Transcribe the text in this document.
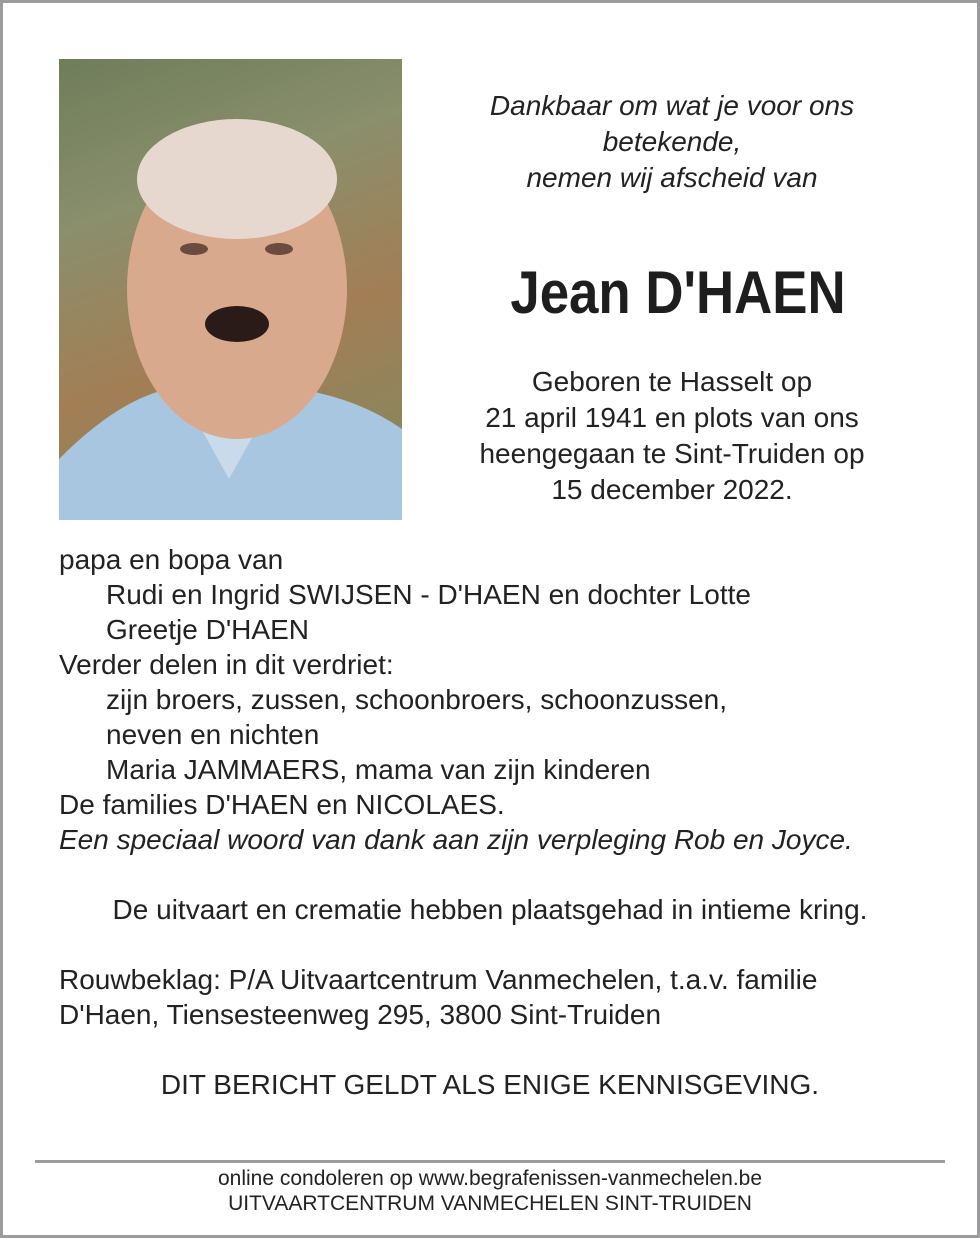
Dankbaar om wat je voor ons
betekende,
nemen wij afscheid van
Jean D'HAEN
Geboren te Hasselt op
21 april 1941 en plots van ons
heengegaan te Sint-Truiden op
15 december 2022.
papa en bopa van
Rudi en Ingrid SWIJSEN - D'HAEN en dochter Lotte
Greetje D'HAEN
Verder delen in dit verdriet:
zijn broers, zussen, schoonbroers, schoonzussen,
neven en nichten
Maria JAMMAERS, mama van zijn kinderen
De families D'HAEN en NICOLAES.
Een speciaal woord van dank aan zijn verpleging Rob en Joyce.
De uitvaart en crematie hebben plaatsgehad in intieme kring.
Rouwbeklag: P/A Uitvaartcentrum Vanmechelen, t.a.v. familie
D'Haen, Tiensesteenweg 295, 3800 Sint-Truiden
DIT BERICHT GELDT ALS ENIGE KENNISGEVING.
online condoleren op www.begrafenissen-vanmechelen.be
UITVAARTCENTRUM VANMECHELEN SINT-TRUIDEN
